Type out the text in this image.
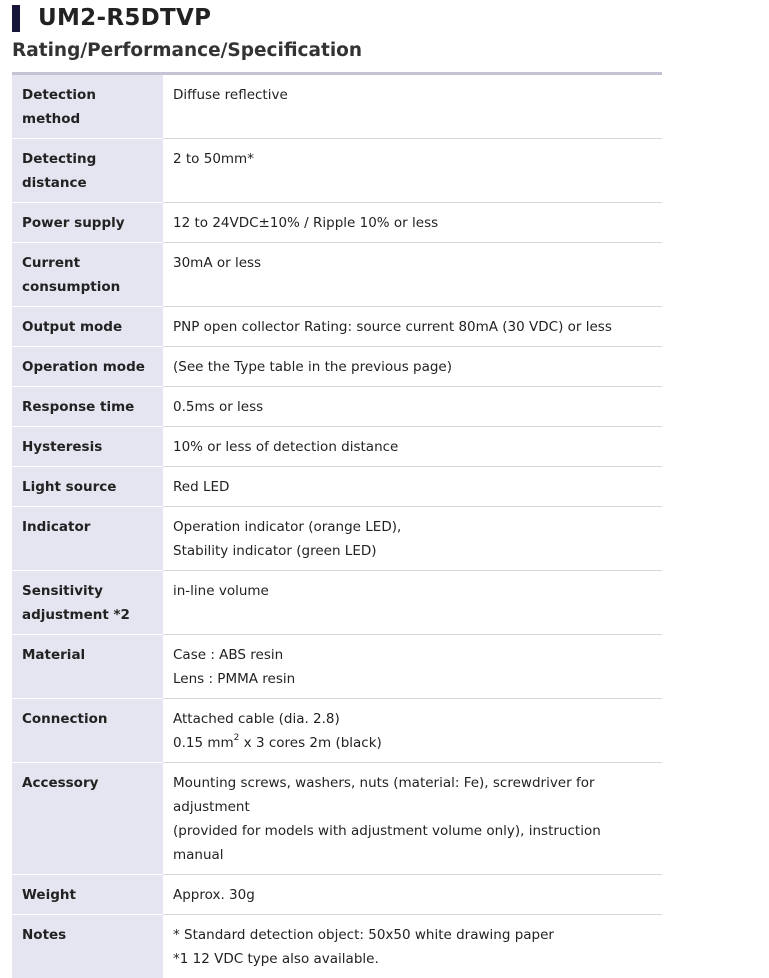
UM2-R5DTVP
Rating/Performance/Specification
Detection method	Diffuse reflective

Detecting distance	2 to 50mm*

Power supply	12 to 24VDC±10% / Ripple 10% or less

Current
consumption	30mA or less

Output mode	PNP open collector Rating: source current 80mA (30 VDC) or less

Operation mode	(See the Type table in the previous page)

Response time	0.5ms or less

Hysteresis	10% or less of detection distance

Light source	Red LED

Indicator	Operation indicator (orange LED),
Stability indicator (green LED)

Sensitivity
adjustment *2	in-line volume

Material	Case : ABS resin
Lens : PMMA resin

Connection	Attached cable (dia. 2.8)
0.15 $mm^2$ x 3 cores 2m (black)

Accessory	Mounting screws, washers, nuts (material: Fe), screwdriver for adjustment
(provided for models with adjustment volume only), instruction manual

Weight	Approx. 30g

Notes	* Standard detection object: 50x50 white drawing paper
*1 12 VDC type also available.
